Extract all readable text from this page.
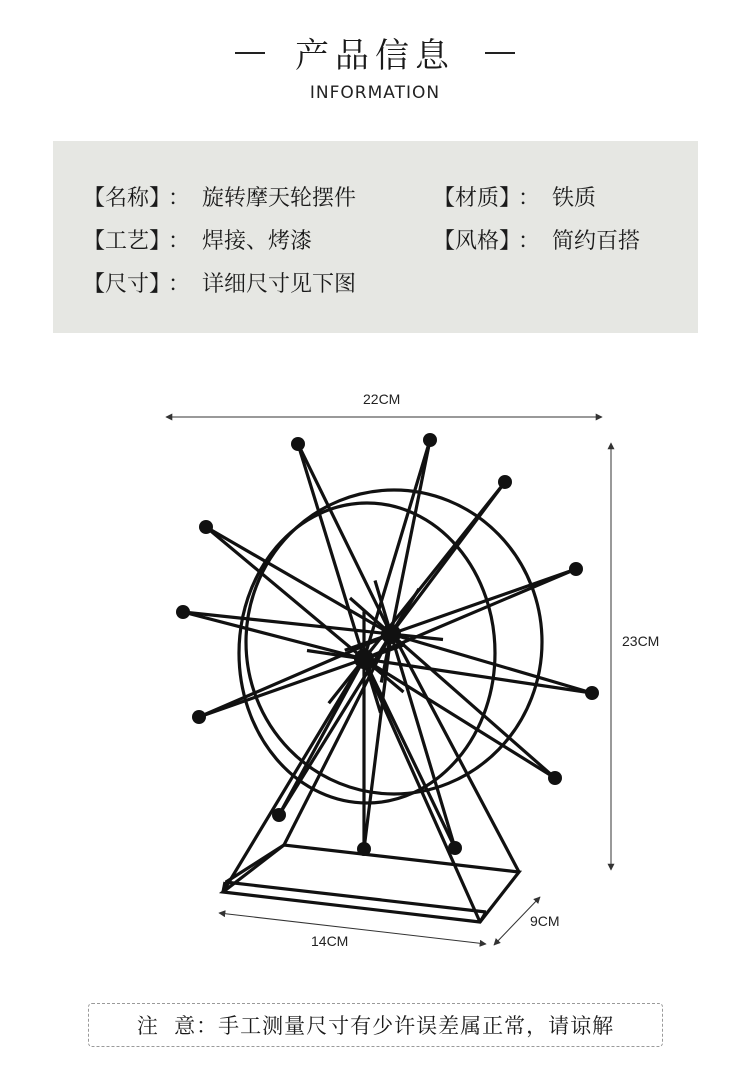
产品信息
INFORMATION
【名称】 ： 旋转摩天轮摆件	【材质】 ： 铁质
【工艺】 ： 焊接、烤漆	【风格】 ： 简约百搭
【尺寸】 ： 详细尺寸见下图
22CM
23CM
14CM
9CM
注  意：手工测量尺寸有少许误差属正常，请谅解
